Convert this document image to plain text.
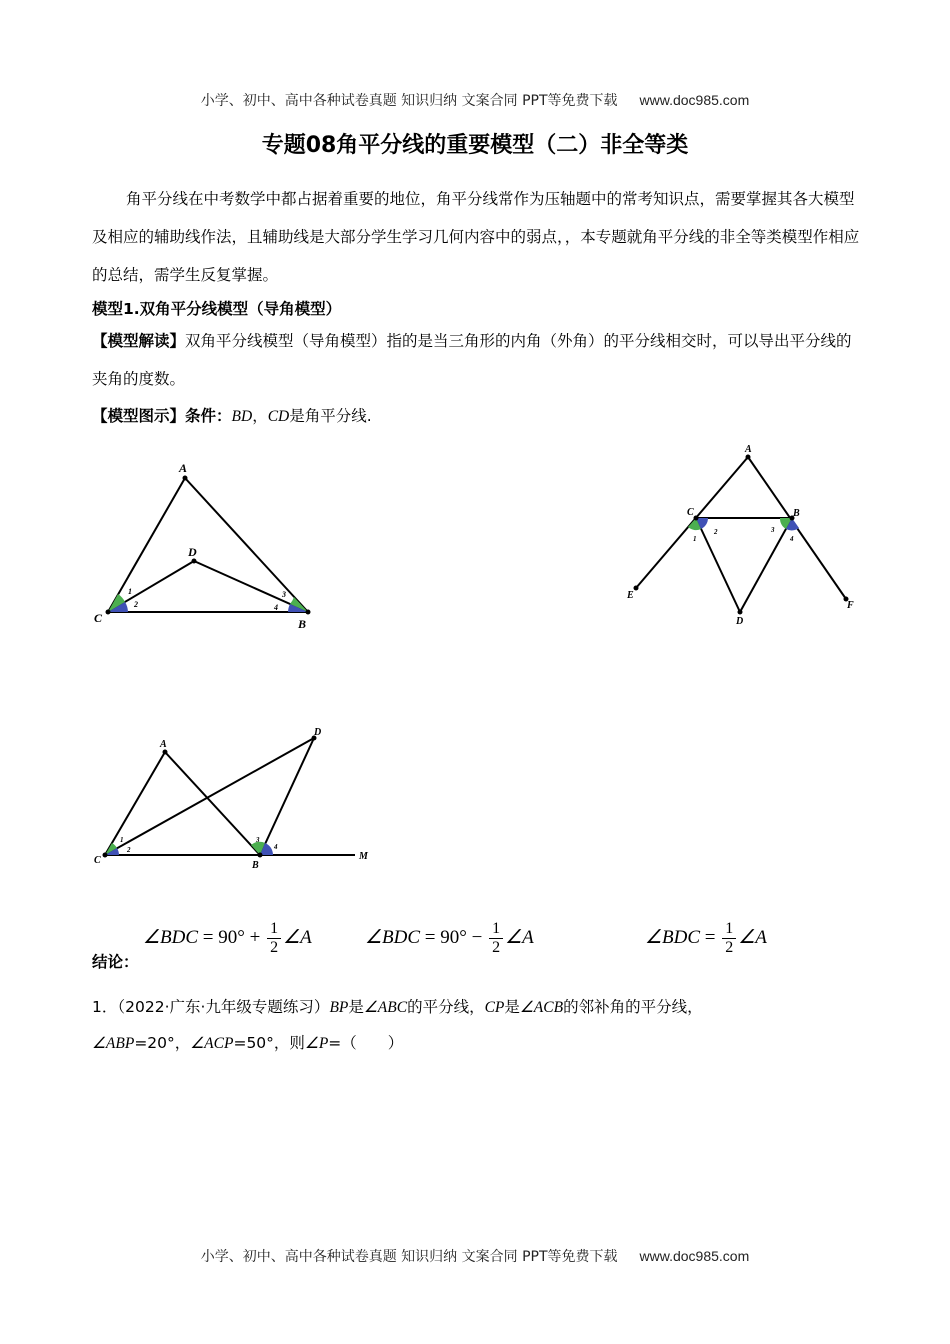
小学、初中、高中各种试卷真题 知识归纳 文案合同 PPT等免费下载 www.doc985.com
专题08角平分线的重要模型（二）非全等类
角平分线在中考数学中都占据着重要的地位，角平分线常作为压轴题中的常考知识点，需要掌握其各大模型及相应的辅助线作法，且辅助线是大部分学生学习几何内容中的弱点，，本专题就角平分线的非全等类模型作相应的总结，需学生反复掌握。
模型1.双角平分线模型（导角模型）
【模型解读】双角平分线模型（导角模型）指的是当三角形的内角（外角）的平分线相交时，可以导出平分线的夹角的度数。
【模型图示】条件：BD，CD是角平分线.
A
C	B
D
1
2
3
4
A
C	B
E
F
D
1
2	3
4
A
C	B
D
M
1
2
3
4
结论：
∠BDC = $90^\circ + \frac{1}{2}$ ∠A	∠BDC = $90^\circ - \frac{1}{2}$ ∠A	∠BDC = $\frac{1}{2}$ ∠A
1．（2022·广东·九年级专题练习）BP是∠ABC的平分线，CP是∠ACB的邻补角的平分线，
∠ABP=20°，∠ACP=50°，则∠P=（　　）
小学、初中、高中各种试卷真题 知识归纳 文案合同 PPT等免费下载 www.doc985.com
